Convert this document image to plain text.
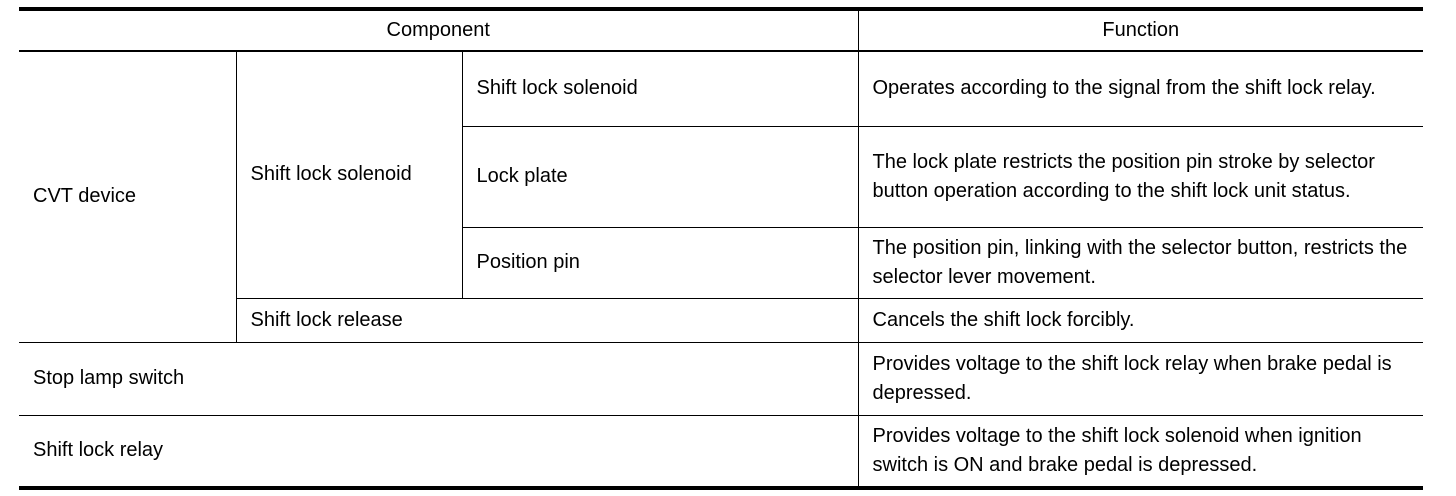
Component			Function
CVT device	Shift lock solenoid	Shift lock solenoid	Operates according to the signal from the shift lock relay.
		Lock plate	The lock plate restricts the position pin stroke by selector button operation according to the shift lock unit status.
		Position pin	The position pin, linking with the selector button, restricts the selector lever movement.
	Shift lock release		Cancels the shift lock forcibly.
Stop lamp switch			Provides voltage to the shift lock relay when brake pedal is depressed.
Shift lock relay			Provides voltage to the shift lock solenoid when ignition switch is ON and brake pedal is depressed.
